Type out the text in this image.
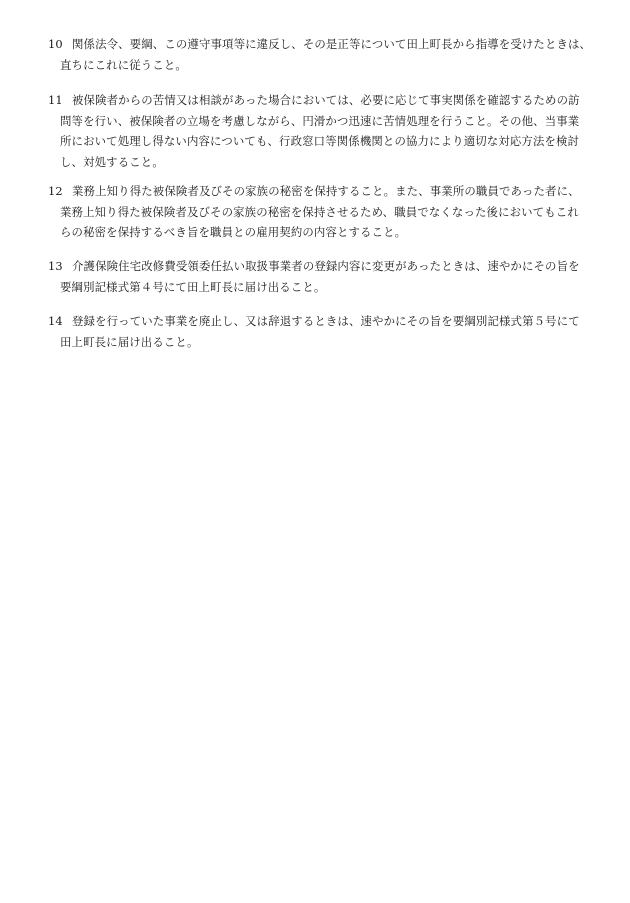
10 関係法令、要綱、この遵守事項等に違反し、その是正等について田上町長から指導を受けたときは、
直ちにこれに従うこと。
11 被保険者からの苦情又は相談があった場合においては、必要に応じて事実関係を確認するための訪
問等を行い、被保険者の立場を考慮しながら、円滑かつ迅速に苦情処理を行うこと。その他、当事業
所において処理し得ない内容についても、行政窓口等関係機関との協力により適切な対応方法を検討
し、対処すること。
12 業務上知り得た被保険者及びその家族の秘密を保持すること。また、事業所の職員であった者に、
業務上知り得た被保険者及びその家族の秘密を保持させるため、職員でなくなった後においてもこれ
らの秘密を保持するべき旨を職員との雇用契約の内容とすること。
13 介護保険住宅改修費受領委任払い取扱事業者の登録内容に変更があったときは、速やかにその旨を
要綱別記様式第４号にて田上町長に届け出ること。
14 登録を行っていた事業を廃止し、又は辞退するときは、速やかにその旨を要綱別記様式第５号にて
田上町長に届け出ること。
